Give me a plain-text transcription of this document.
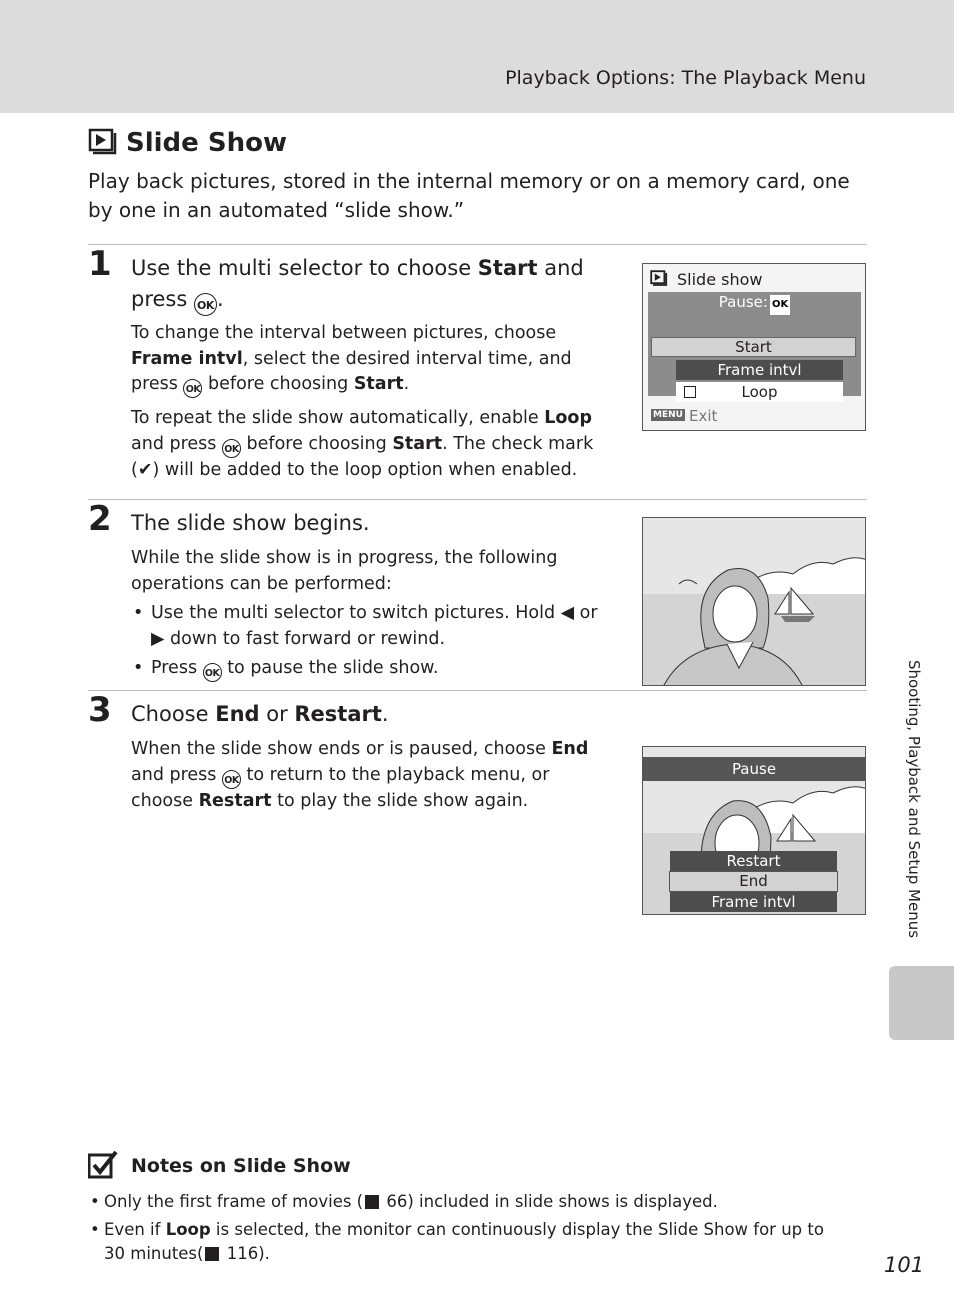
Playback Options: The Playback Menu
Slide Show
Play back pictures, stored in the internal memory or on a memory card, one by one in an automated “slide show.”
1 Use the multi selector to choose Start and press OK .

To change the interval between pictures, choose Frame intvl, select the desired interval time, and press OK before choosing Start.

To repeat the slide show automatically, enable Loop and press OK before choosing Start. The check mark (✔) will be added to the loop option when enabled.

Slide show
Pause: OK
Start
Frame intvl
Loop
MENU Exit
2 The slide show begins.

While the slide show is in progress, the following operations can be performed:

• Use the multi selector to switch pictures. Hold ◀ or ▶ down to fast forward or rewind.

• Press OK to pause the slide show.

3 Choose End or Restart.

When the slide show ends or is paused, choose End and press OK to return to the playback menu, or choose Restart to play the slide show again.

Pause
Restart
End
Frame intvl	Shooting, Playback and Setup Menus
Notes on Slide Show

• Only the first frame of movies ( 66) included in slide shows is displayed.

• Even if Loop is selected, the monitor can continuously display the Slide Show for up to 30 minutes( 116).	101
